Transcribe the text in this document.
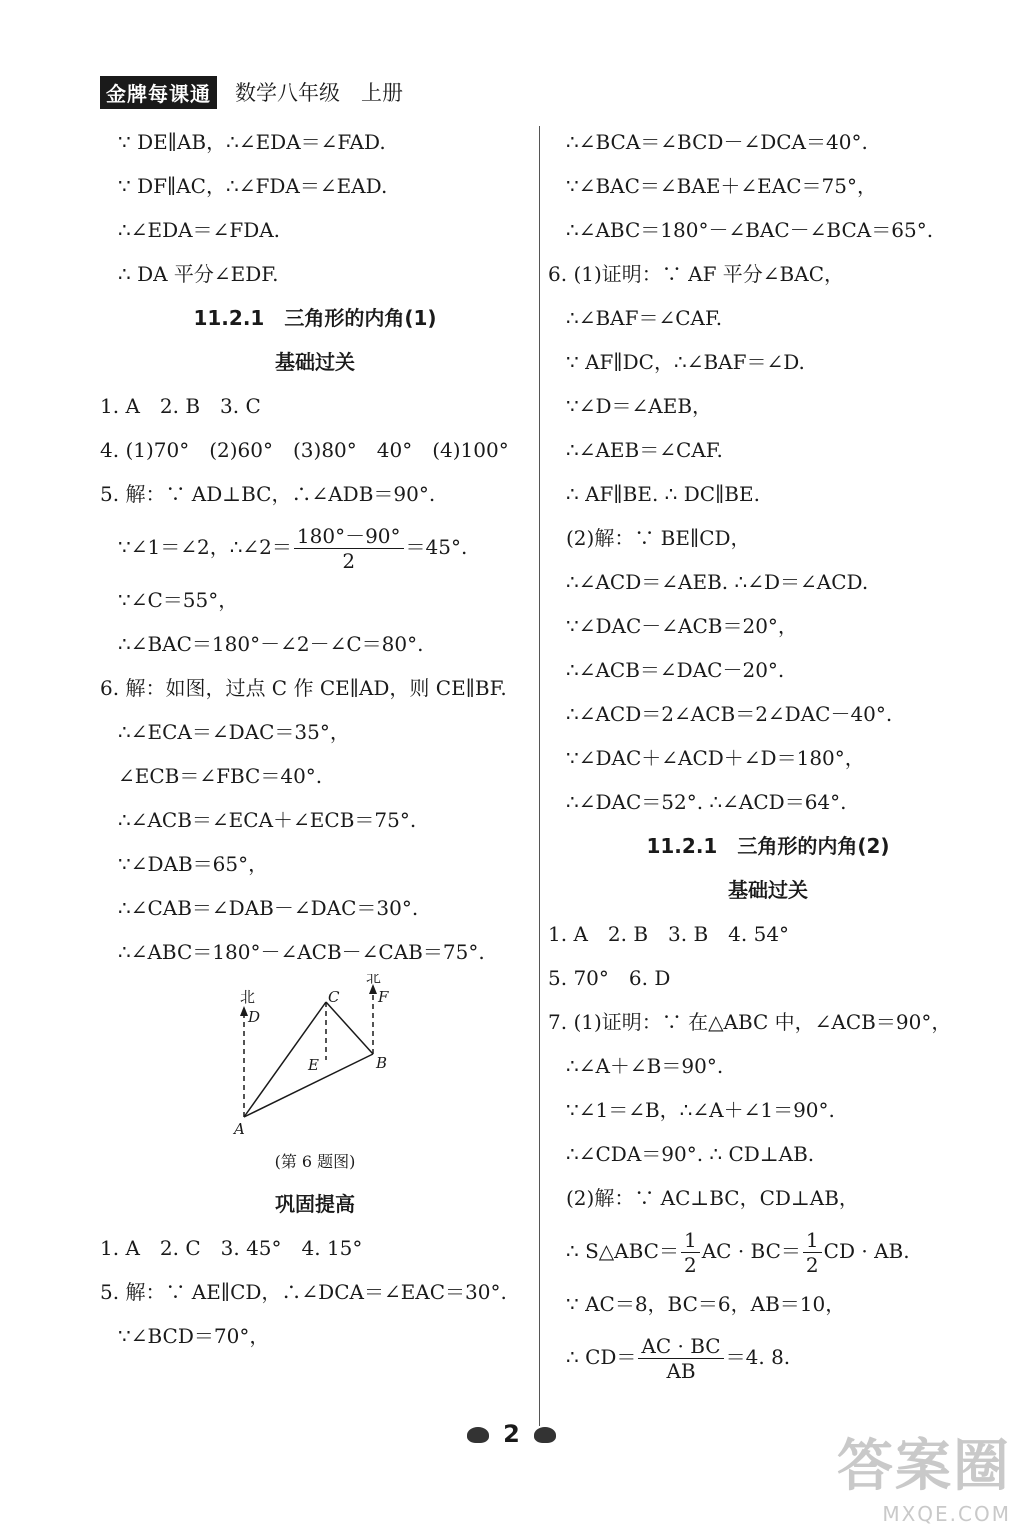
金牌每课通 数学八年级　上册
∵ DE∥AB，∴∠EDA＝∠FAD.
∵ DF∥AC，∴∠FDA＝∠EAD.
∴∠EDA＝∠FDA.
∴ DA 平分∠EDF.
11.2.1　三角形的内角(1)
基础过关
1. A　2. B　3. C
4. (1)70°　(2)60°　(3)80°　40°　(4)100°
5. 解：∵ AD⊥BC，∴∠ADB＝90°.
∵∠1＝∠2，∴∠2＝ $\frac{180^\circ-90^\circ}{2} =45^\circ$.
∵∠C＝55°，
∴∠BAC＝180°－∠2－∠C＝80°.
6. 解：如图，过点 C 作 CE∥AD，则 CE∥BF.
∴∠ECA＝∠DAC＝35°，
∠ECB＝∠FBC＝40°.
∴∠ACB＝∠ECA＋∠ECB＝75°.
∵∠DAB＝65°，
∴∠CAB＝∠DAB－∠DAC＝30°.
∴∠ABC＝180°－∠ACB－∠CAB＝75°.
北
北
D
C	F
E	B
A
(第 6 题图)
巩固提高
1. A　2. C　3. 45°　4. 15°
5. 解：∵ AE∥CD，∴∠DCA＝∠EAC＝30°.
∵∠BCD＝70°，
∴∠BCA＝∠BCD－∠DCA＝40°.
∵∠BAC＝∠BAE＋∠EAC＝75°，
∴∠ABC＝180°－∠BAC－∠BCA＝65°.
6. (1)证明：∵ AF 平分∠BAC，
∴∠BAF＝∠CAF.
∵ AF∥DC，∴∠BAF＝∠D.
∵∠D＝∠AEB，
∴∠AEB＝∠CAF.
∴ AF∥BE. ∴ DC∥BE.
(2)解：∵ BE∥CD，
∴∠ACD＝∠AEB. ∴∠D＝∠ACD.
∵∠DAC－∠ACB＝20°，
∴∠ACB＝∠DAC－20°.
∴∠ACD＝2∠ACB＝2∠DAC－40°.
∵∠DAC＋∠ACD＋∠D＝180°，
∴∠DAC＝52°. ∴∠ACD＝64°.
11.2.1　三角形的内角(2)
基础过关
1. A　2. B　3. B　4. 54°
5. 70°　6. D
7. (1)证明：∵ 在△ABC 中，∠ACB＝90°，
∴∠A＋∠B＝90°.
∵∠1＝∠B，∴∠A＋∠1＝90°.
∴∠CDA＝90°. ∴ CD⊥AB.
(2)解：∵ AC⊥BC，CD⊥AB，
∴ S△ABC＝ $\frac{1}{2}$ AC · $BC= \frac{1}{2}$ CD · AB.
∵ AC＝8，BC＝6，AB＝10，
∴ $CD= \frac{AC \cdot BC}{AB} =4$. 8.
2	答案圈
MXQE.COM
